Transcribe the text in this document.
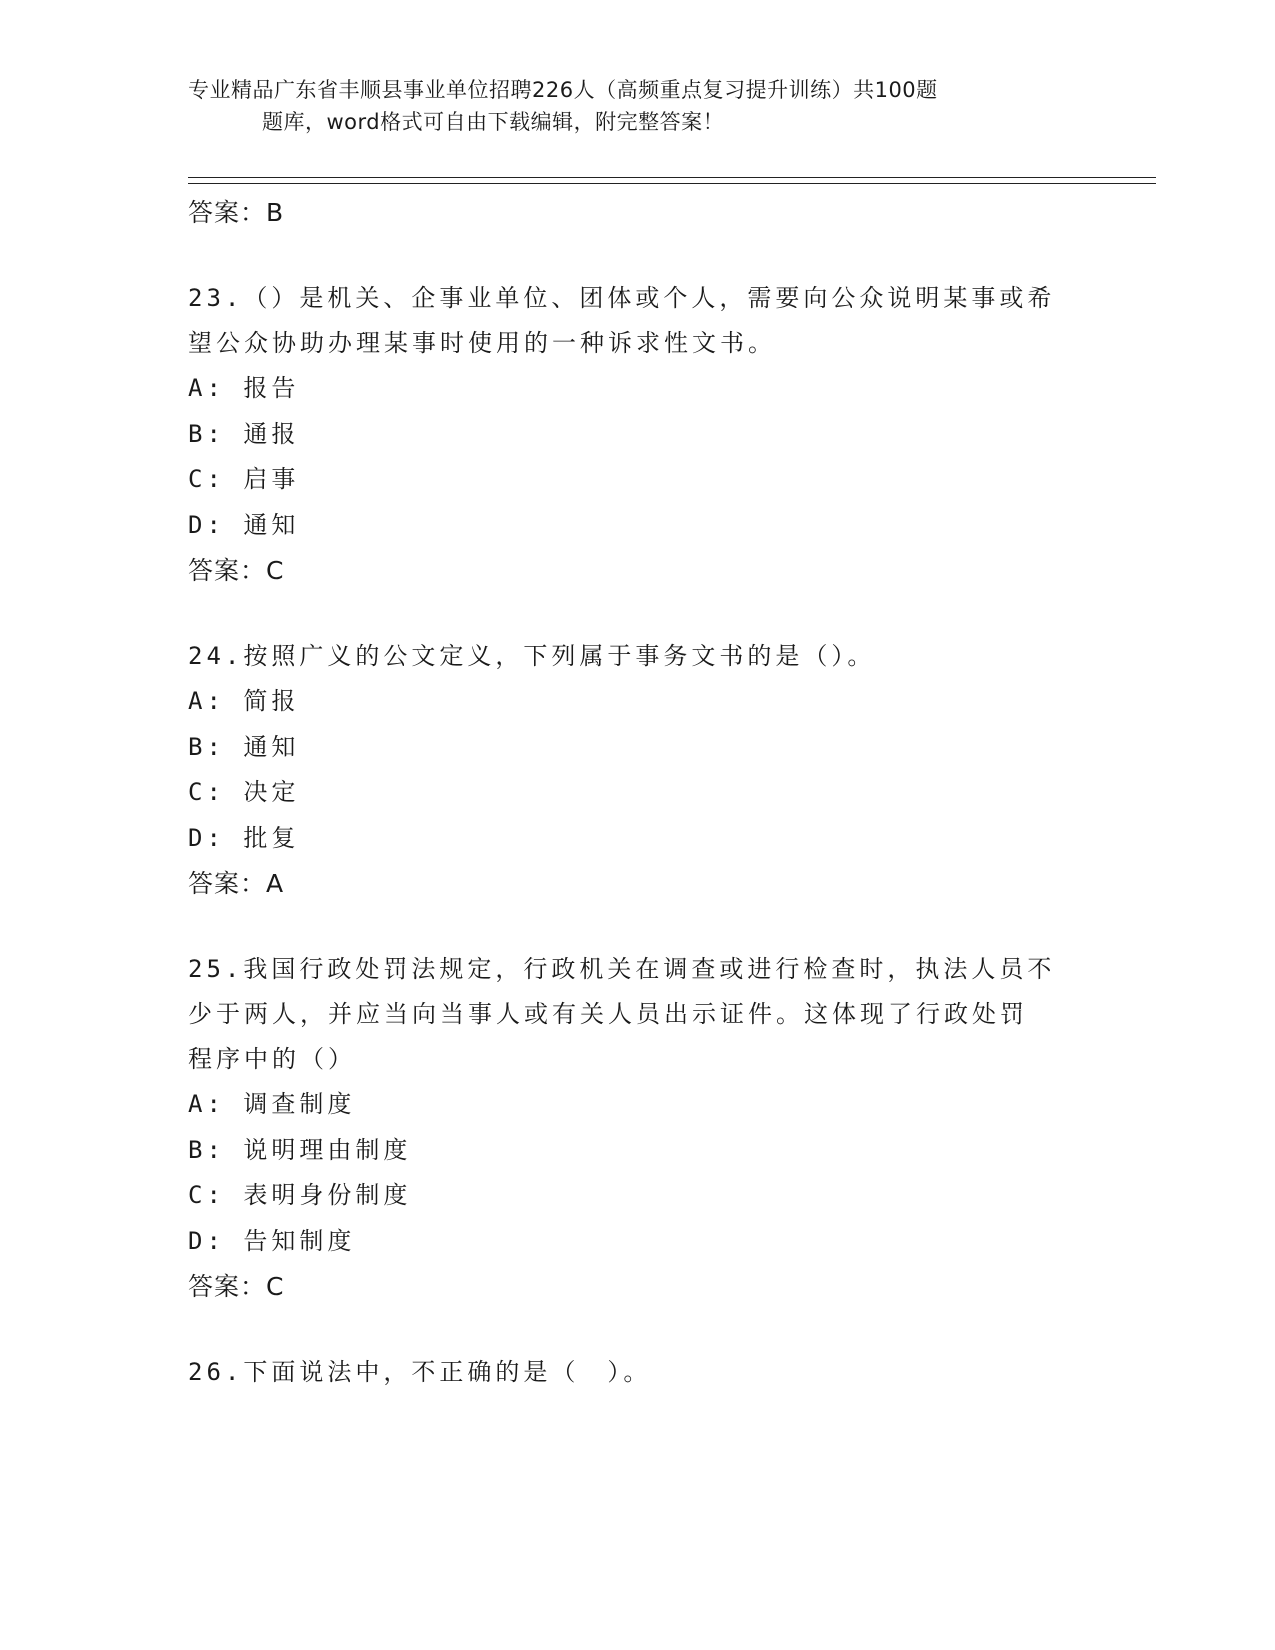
专业精品广东省丰顺县事业单位招聘226人（高频重点复习提升训练）共100题
题库，word格式可自由下载编辑，附完整答案！
答案：B
23.（）是机关、企事业单位、团体或个人，需要向公众说明某事或希
望公众协助办理某事时使用的一种诉求性文书。
A: 报告
B: 通报
C: 启事
D: 通知
答案：C
24.按照广义的公文定义，下列属于事务文书的是（）。
A: 简报
B: 通知
C: 决定
D: 批复
答案：A
25.我国行政处罚法规定，行政机关在调查或进行检查时，执法人员不
少于两人，并应当向当事人或有关人员出示证件。这体现了行政处罚
程序中的（）
A: 调查制度
B: 说明理由制度
C: 表明身份制度
D: 告知制度
答案：C
26.下面说法中，不正确的是（　）。
